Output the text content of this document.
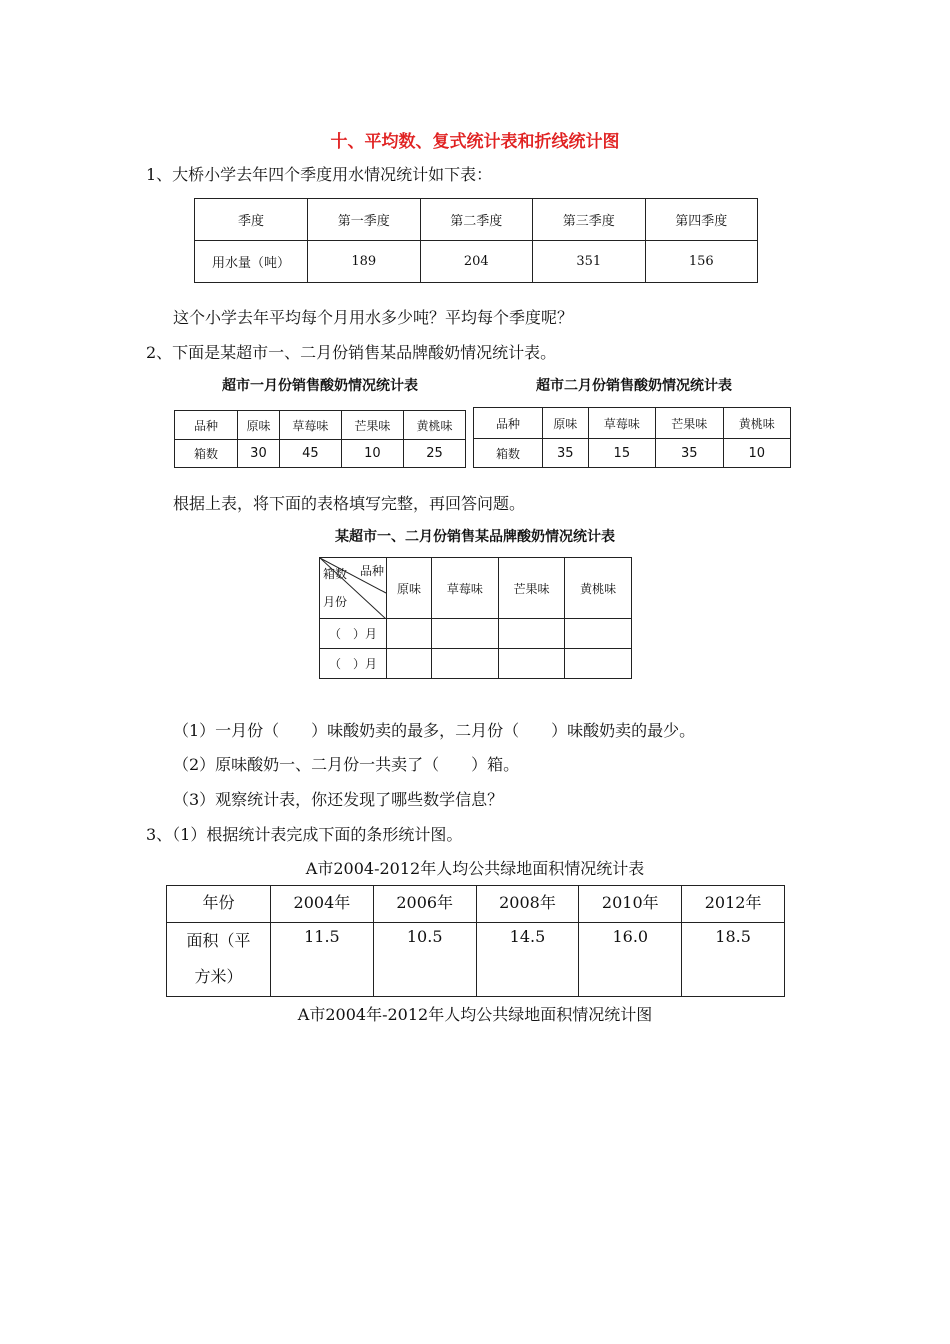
十、平均数、复式统计表和折线统计图
1、大桥小学去年四个季度用水情况统计如下表：
季度	第一季度	第二季度	第三季度	第四季度
用水量（吨）	189	204	351	156
这个小学去年平均每个月用水多少吨？平均每个季度呢？
2、下面是某超市一、二月份销售某品牌酸奶情况统计表。
超市一月份销售酸奶情况统计表	超市二月份销售酸奶情况统计表
品种	原味	草莓味	芒果味	黄桃味
箱数	30	45	10	25
品种	原味	草莓味	芒果味	黄桃味
箱数	35	15	35	10
根据上表，将下面的表格填写完整，再回答问题。
某超市一、二月份销售某品牌酸奶情况统计表
品种
箱数
月份	原味	草莓味	芒果味	黄桃味
（　）月				
（　）月				
（1）一月份（　　）味酸奶卖的最多，二月份（　　）味酸奶卖的最少。
（2）原味酸奶一、二月份一共卖了（　　）箱。
（3）观察统计表，你还发现了哪些数学信息？
3、（1）根据统计表完成下面的条形统计图。
A市2004-2012年人均公共绿地面积情况统计表
年份	2004年	2006年	2008年	2010年	2012年

面积（平
方米）	11.5	10.5	14.5	16.0	18.5
A市2004年-2012年人均公共绿地面积情况统计图
